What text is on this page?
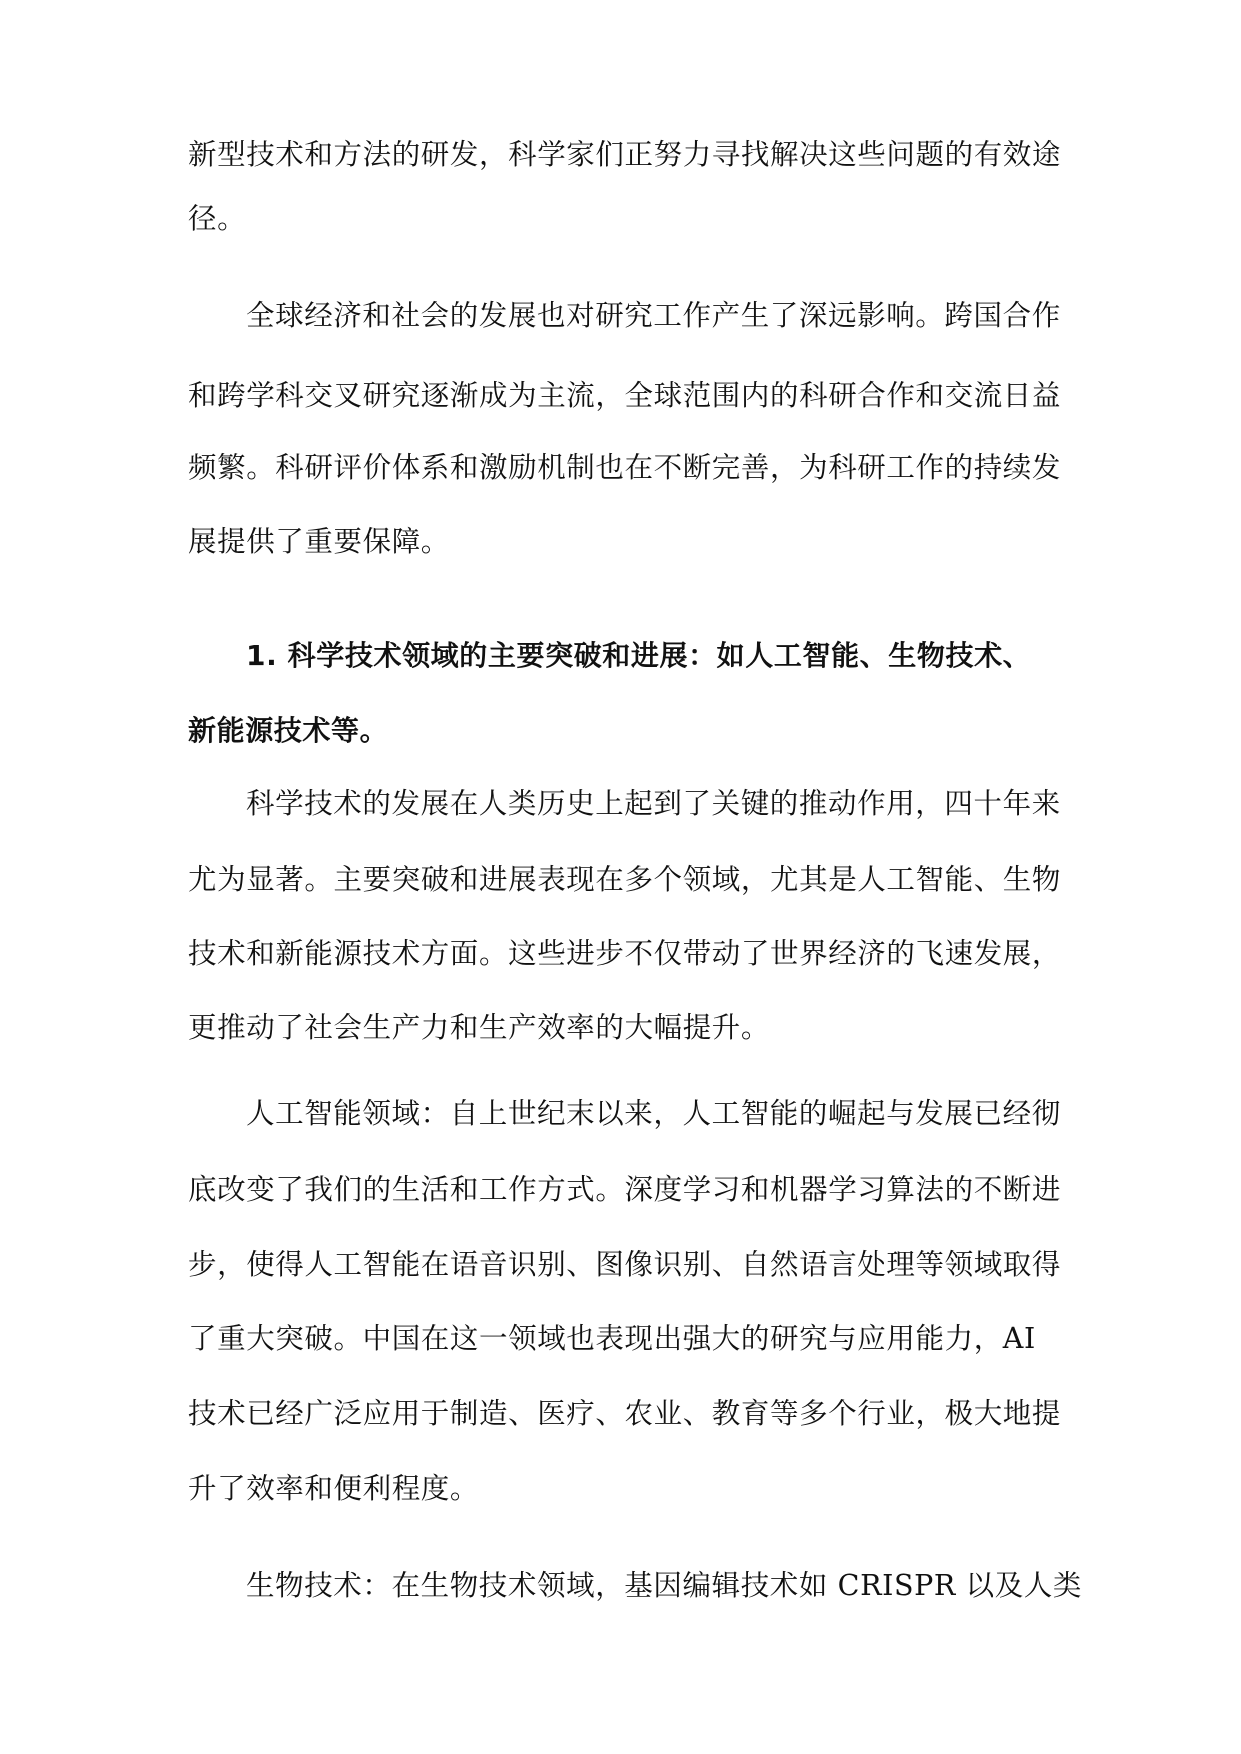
新型技术和方法的研发，科学家们正努力寻找解决这些问题的有效途
径。
全球经济和社会的发展也对研究工作产生了深远影响。跨国合作
和跨学科交叉研究逐渐成为主流，全球范围内的科研合作和交流日益
频繁。科研评价体系和激励机制也在不断完善，为科研工作的持续发
展提供了重要保障。
1. 科学技术领域的主要突破和进展：如人工智能、生物技术、
新能源技术等。
科学技术的发展在人类历史上起到了关键的推动作用，四十年来
尤为显著。主要突破和进展表现在多个领域，尤其是人工智能、生物
技术和新能源技术方面。这些进步不仅带动了世界经济的飞速发展，
更推动了社会生产力和生产效率的大幅提升。
人工智能领域：自上世纪末以来，人工智能的崛起与发展已经彻
底改变了我们的生活和工作方式。深度学习和机器学习算法的不断进
步，使得人工智能在语音识别、图像识别、自然语言处理等领域取得
了重大突破。中国在这一领域也表现出强大的研究与应用能力，AI
技术已经广泛应用于制造、医疗、农业、教育等多个行业，极大地提
升了效率和便利程度。
生物技术：在生物技术领域，基因编辑技术如 CRISPR 以及人类
